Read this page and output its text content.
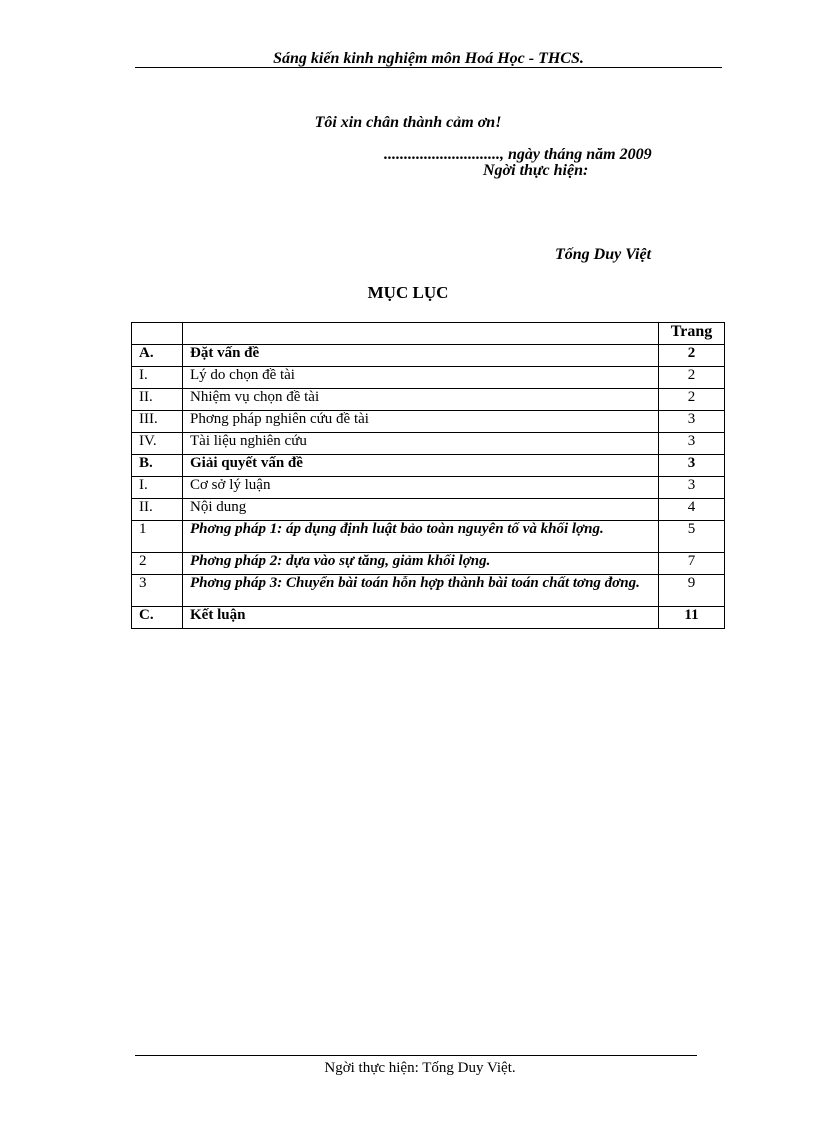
Sáng kiến kinh nghiệm môn Hoá Học - THCS.
Tôi xin chân thành cảm ơn!
............................., ngày tháng năm 2009
Ngời thực hiện:
Tống Duy Việt
MỤC LỤC
		Trang
A.	Đặt vấn đề	2
I.	Lý do chọn đề tài	2
II.	Nhiệm vụ chọn đề tài	2
III.	Phơng pháp nghiên cứu đề tài	3
IV.	Tài liệu nghiên cứu	3
B.	Giải quyết vấn đề	3
I.	Cơ sở lý luận	3
II.	Nội dung	4
1	Phơng pháp 1: áp dụng định luật bảo toàn nguyên tố và khối lợng.	5
2	Phơng pháp 2: dựa vào sự tăng, giảm khối lợng.	7
3	Phơng pháp 3: Chuyển bài toán hỗn hợp thành bài toán chất tơng đơng.	9
C.	Kết luận	11
Ngời thực hiện: Tống Duy Việt.
